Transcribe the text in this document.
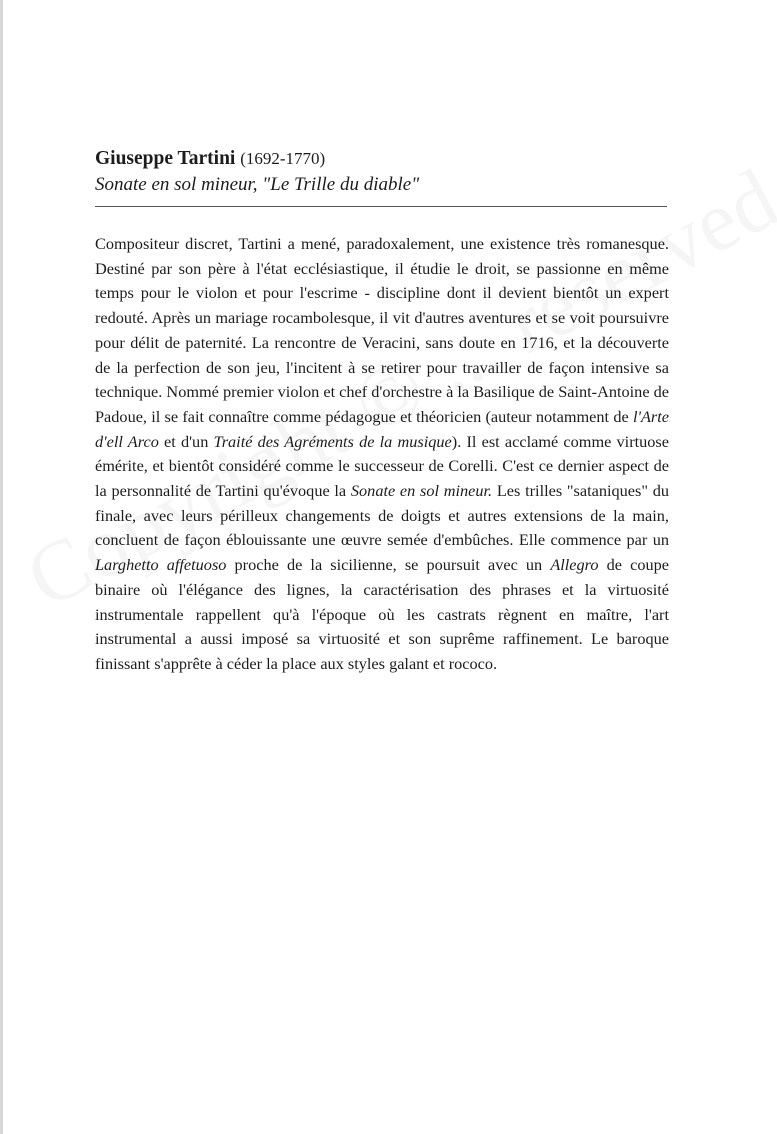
Giuseppe Tartini (1692-1770)
Sonate en sol mineur, "Le Trille du diable"
Compositeur discret, Tartini a mené, paradoxalement, une existence très romanesque. Destiné par son père à l'état ecclésiastique, il étudie le droit, se passionne en même temps pour le violon et pour l'escrime - discipline dont il devient bientôt un expert redouté. Après un mariage rocambolesque, il vit d'autres aventures et se voit poursuivre pour délit de paternité. La rencontre de Veracini, sans doute en 1716, et la découverte de la perfection de son jeu, l'incitent à se retirer pour travailler de façon intensive sa technique. Nommé premier violon et chef d'orchestre à la Basilique de Saint-Antoine de Padoue, il se fait connaître comme pédagogue et théoricien (auteur notamment de l'Arte d'ell Arco et d'un Traité des Agréments de la musique). Il est acclamé comme virtuose émérite, et bientôt considéré comme le successeur de Corelli. C'est ce dernier aspect de la personnalité de Tartini qu'évoque la Sonate en sol mineur. Les trilles "sataniques" du finale, avec leurs périlleux changements de doigts et autres extensions de la main, concluent de façon éblouissante une œuvre semée d'embûches. Elle commence par un Larghetto affetuoso proche de la sicilienne, se poursuit avec un Allegro de coupe binaire où l'élégance des lignes, la caractérisation des phrases et la virtuosité instrumentale rappellent qu'à l'époque où les castrats règnent en maître, l'art instrumental a aussi imposé sa virtuosité et son suprême raffinement. Le baroque finissant s'apprête à céder la place aux styles galant et rococo.
